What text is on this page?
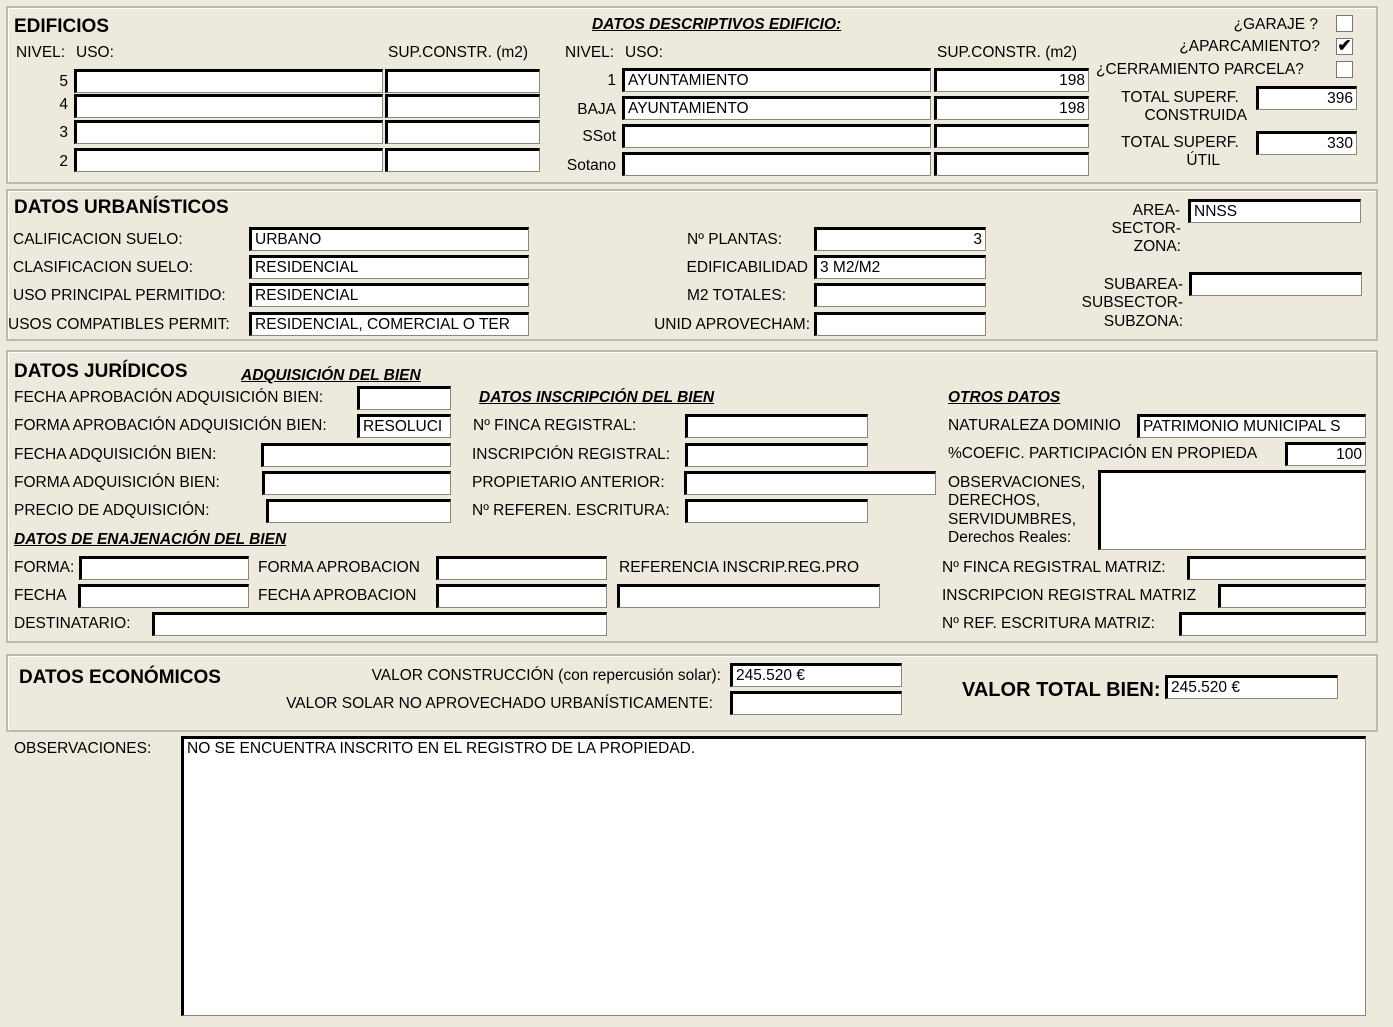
EDIFICIOS	DATOS DESCRIPTIVOS EDIFICIO:
NIVEL: USO:	SUP.CONSTR. (m2)
5
4
3
2
NIVEL: USO:	SUP.CONSTR. (m2)
1 AYUNTAMIENTO	198
BAJA AYUNTAMIENTO	198
SSot
Sotano
¿GARAJE ?
¿APARCAMIENTO? ✔
¿CERRAMIENTO PARCELA?
TOTAL SUPERF.
CONSTRUIDA
396
TOTAL SUPERF.
ÚTIL
330
DATOS URBANÍSTICOS
CALIFICACION SUELO:	URBANO
CLASIFICACION SUELO:	RESIDENCIAL
USO PRINCIPAL PERMITIDO:	RESIDENCIAL
USOS COMPATIBLES PERMIT:	RESIDENCIAL, COMERCIAL O TER
Nº PLANTAS:	3
EDIFICABILIDAD 3 M2/M2
M2 TOTALES:
UNID APROVECHAM:
AREA-
SECTOR-
ZONA:
NNSS
SUBAREA-
SUBSECTOR-
SUBZONA:
DATOS JURÍDICOS	ADQUISICIÓN DEL BIEN
FECHA APROBACIÓN ADQUISICIÓN BIEN:
FORMA APROBACIÓN ADQUISICIÓN BIEN:	RESOLUCI
FECHA ADQUISICIÓN BIEN:
FORMA ADQUISICIÓN BIEN:
PRECIO DE ADQUISICIÓN:
DATOS INSCRIPCIÓN DEL BIEN
Nº FINCA REGISTRAL:
INSCRIPCIÓN REGISTRAL:
PROPIETARIO ANTERIOR:
Nº REFEREN. ESCRITURA:
OTROS DATOS
NATURALEZA DOMINIO	PATRIMONIO MUNICIPAL S
%COEFIC. PARTICIPACIÓN EN PROPIEDA	100
OBSERVACIONES,
DERECHOS,
SERVIDUMBRES,
Derechos Reales:
DATOS DE ENAJENACIÓN DEL BIEN
FORMA:	FORMA APROBACION	REFERENCIA INSCRIP.REG.PRO
FECHA	FECHA APROBACION
DESTINATARIO:
Nº FINCA REGISTRAL MATRIZ:
INSCRIPCION REGISTRAL MATRIZ
Nº REF. ESCRITURA MATRIZ:
DATOS ECONÓMICOS	VALOR CONSTRUCCIÓN (con repercusión solar): 245.520 €
VALOR SOLAR NO APROVECHADO URBANÍSTICAMENTE:
VALOR TOTAL BIEN: 245.520 €
OBSERVACIONES:	NO SE ENCUENTRA INSCRITO EN EL REGISTRO DE LA PROPIEDAD.
